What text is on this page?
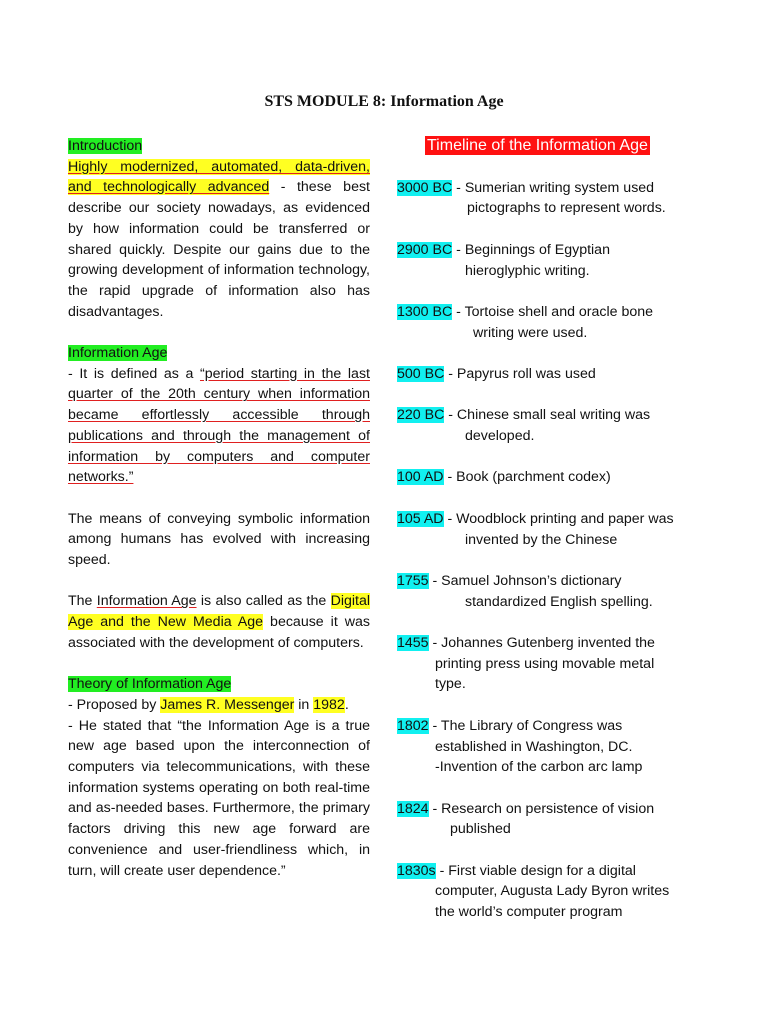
STS MODULE 8: Information Age
Introduction

Highly modernized, automated, data-driven, and technologically advanced - these best describe our society nowadays, as evidenced by how information could be transferred or shared quickly. Despite our gains due to the growing development of information technology, the rapid upgrade of information also has disadvantages.

Information Age

- It is defined as a “period starting in the last quarter of the 20th century when information became effortlessly accessible through publications and through the management of information by computers and computer networks.”

The means of conveying symbolic information among humans has evolved with increasing speed.

The Information Age is also called as the Digital Age and the New Media Age because it was associated with the development of computers.

Theory of Information Age

- Proposed by James R. Messenger in 1982.

- He stated that “the Information Age is a true new age based upon the interconnection of computers via telecommunications, with these information systems operating on both real-time and as-needed bases. Furthermore, the primary factors driving this new age forward are convenience and user-friendliness which, in turn, will create user dependence.”

Timeline of the Information Age
3000 BC - Sumerian writing system used
pictographs to represent words.
2900 BC - Beginnings of Egyptian
hieroglyphic writing.
1300 BC - Tortoise shell and oracle bone
writing were used.
500 BC - Papyrus roll was used
220 BC - Chinese small seal writing was
developed.
100 AD - Book (parchment codex)
105 AD - Woodblock printing and paper was
invented by the Chinese
1755 - Samuel Johnson’s dictionary
standardized English spelling.
1455 - Johannes Gutenberg invented the
printing press using movable metal
type.
1802 - The Library of Congress was
established in Washington, DC.
-Invention of the carbon arc lamp
1824 - Research on persistence of vision
published
1830s - First viable design for a digital
computer, Augusta Lady Byron writes
the world’s computer program
